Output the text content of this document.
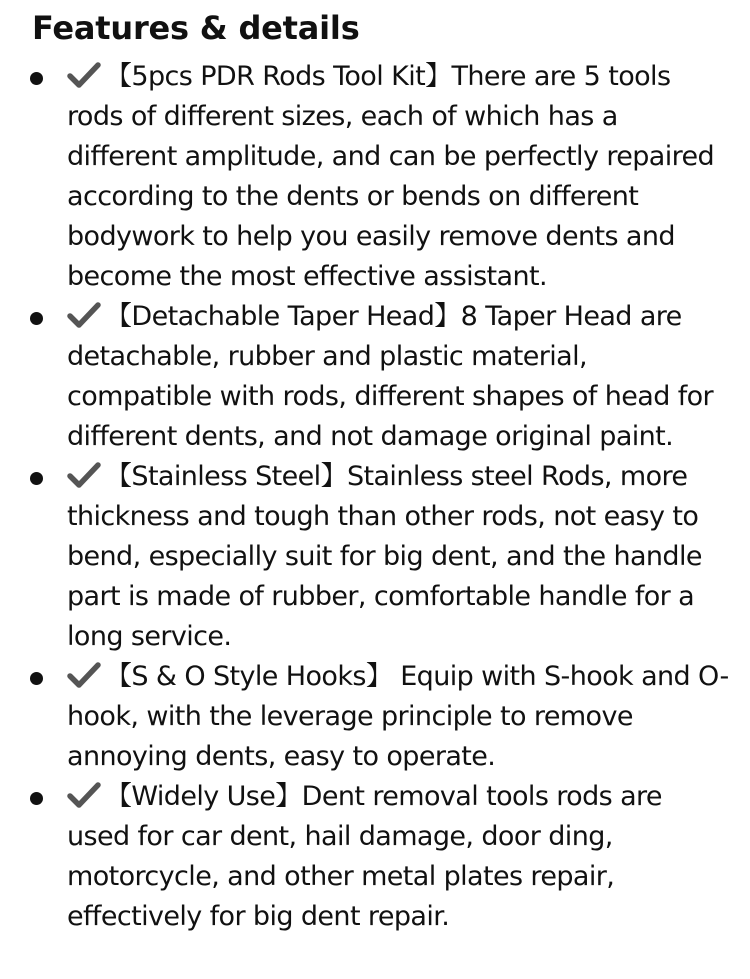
Features & details
【5pcs PDR Rods Tool Kit】There are 5 tools rods of different sizes, each of which has a different amplitude, and can be perfectly repaired according to the dents or bends on different bodywork to help you easily remove dents and become the most effective assistant.
【Detachable Taper Head】8 Taper Head are detachable, rubber and plastic material, compatible with rods, different shapes of head for different dents, and not damage original paint.
【Stainless Steel】Stainless steel Rods, more thickness and tough than other rods, not easy to bend, especially suit for big dent, and the handle part is made of rubber, comfortable handle for a long service.
【S & O Style Hooks】 Equip with S-hook and O-hook, with the leverage principle to remove annoying dents, easy to operate.
【Widely Use】Dent removal tools rods are used for car dent, hail damage, door ding, motorcycle, and other metal plates repair, effectively for big dent repair.
